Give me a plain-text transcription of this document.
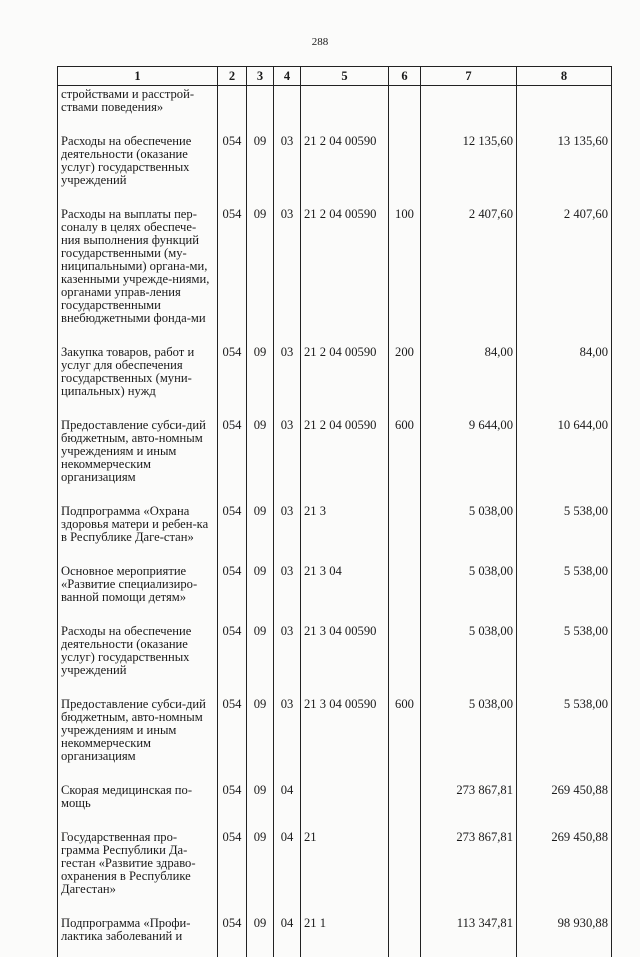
288
1	2	3	4	5	6	7	8
стройствами и расстрой-ствами поведения»							
Расходы на обеспечение деятельности (оказание услуг) государственных учреждений	054	09	03	21 2 04 00590		12 135,60	13 135,60
Расходы на выплаты пер-соналу в целях обеспече-ния выполнения функций государственными (му-ниципальными) органа-ми, казенными учрежде-ниями, органами управ-ления государственными внебюджетными фонда-ми	054	09	03	21 2 04 00590	100	2 407,60	2 407,60
Закупка товаров, работ и услуг для обеспечения государственных (муни-ципальных) нужд	054	09	03	21 2 04 00590	200	84,00	84,00
Предоставление субси-дий бюджетным, авто-номным учреждениям и иным некоммерческим организациям	054	09	03	21 2 04 00590	600	9 644,00	10 644,00
Подпрограмма «Охрана здоровья матери и ребен-ка в Республике Даге-стан»	054	09	03	21 3		5 038,00	5 538,00
Основное мероприятие «Развитие специализиро-ванной помощи детям»	054	09	03	21 3 04		5 038,00	5 538,00
Расходы на обеспечение деятельности (оказание услуг) государственных учреждений	054	09	03	21 3 04 00590		5 038,00	5 538,00
Предоставление субси-дий бюджетным, авто-номным учреждениям и иным некоммерческим организациям	054	09	03	21 3 04 00590	600	5 038,00	5 538,00
Скорая медицинская по-мощь	054	09	04			273 867,81	269 450,88
Государственная про-грамма Республики Да-гестан «Развитие здраво-охранения в Республике Дагестан»	054	09	04	21		273 867,81	269 450,88
Подпрограмма «Профи-лактика заболеваний и	054	09	04	21 1		113 347,81	98 930,88
